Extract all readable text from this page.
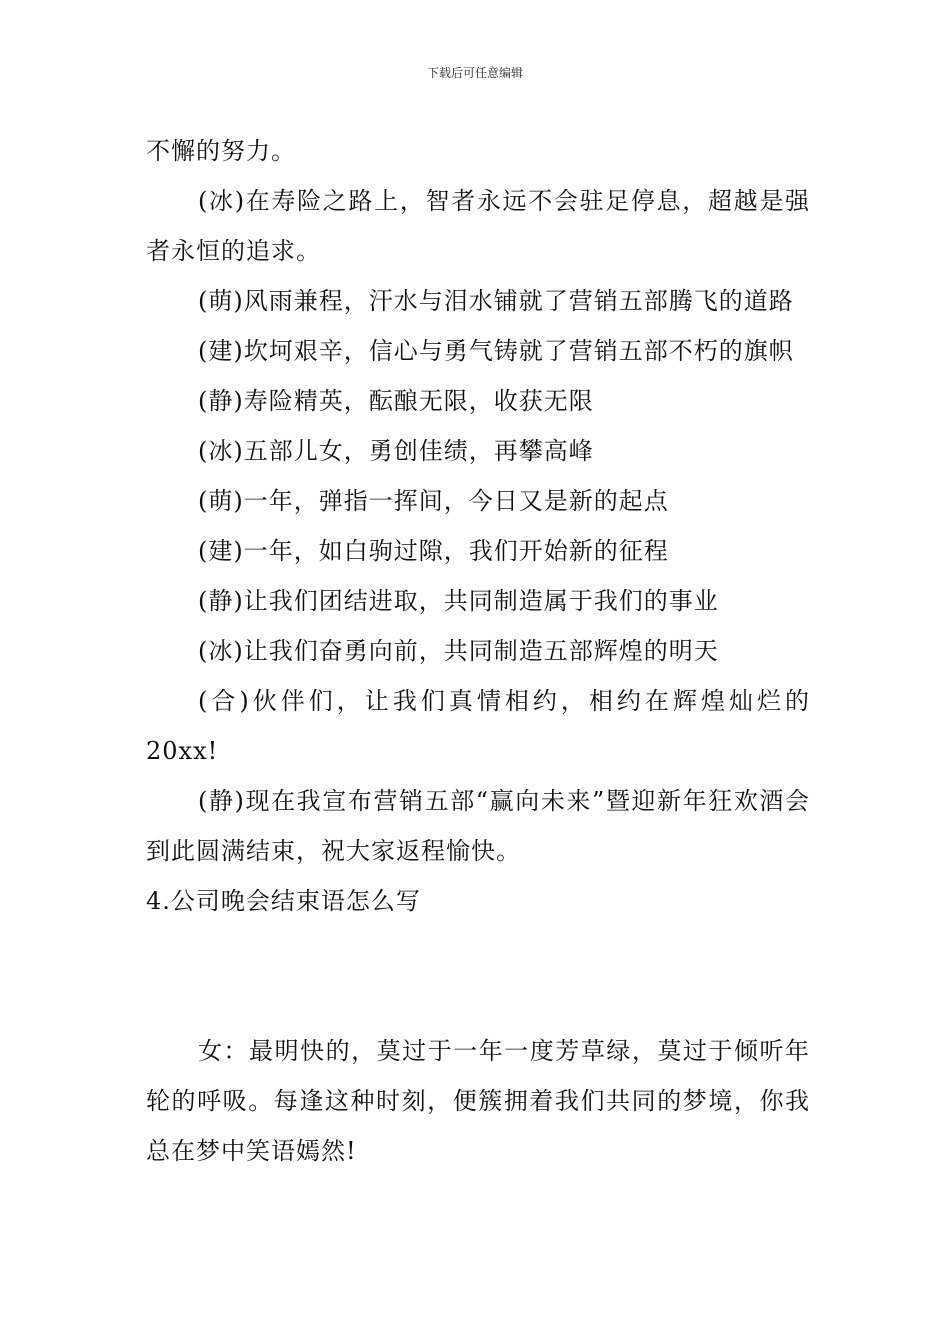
下载后可任意编辑

不懈的努力。

(冰)在寿险之路上，智者永远不会驻足停息，超越是强者永恒的追求。

(萌)风雨兼程，汗水与泪水铺就了营销五部腾飞的道路

(建)坎坷艰辛，信心与勇气铸就了营销五部不朽的旗帜

(静)寿险精英，酝酿无限，收获无限

(冰)五部儿女，勇创佳绩，再攀高峰

(萌)一年，弹指一挥间，今日又是新的起点

(建)一年，如白驹过隙，我们开始新的征程

(静)让我们团结进取，共同制造属于我们的事业

(冰)让我们奋勇向前，共同制造五部辉煌的明天

(合)伙伴们，让我们真情相约，相约在辉煌灿烂的20xx!

(静)现在我宣布营销五部“赢向未来”暨迎新年狂欢酒会到此圆满结束，祝大家返程愉快。

4.公司晚会结束语怎么写

女：最明快的，莫过于一年一度芳草绿，莫过于倾听年轮的呼吸。每逢这种时刻，便簇拥着我们共同的梦境，你我总在梦中笑语嫣然!
